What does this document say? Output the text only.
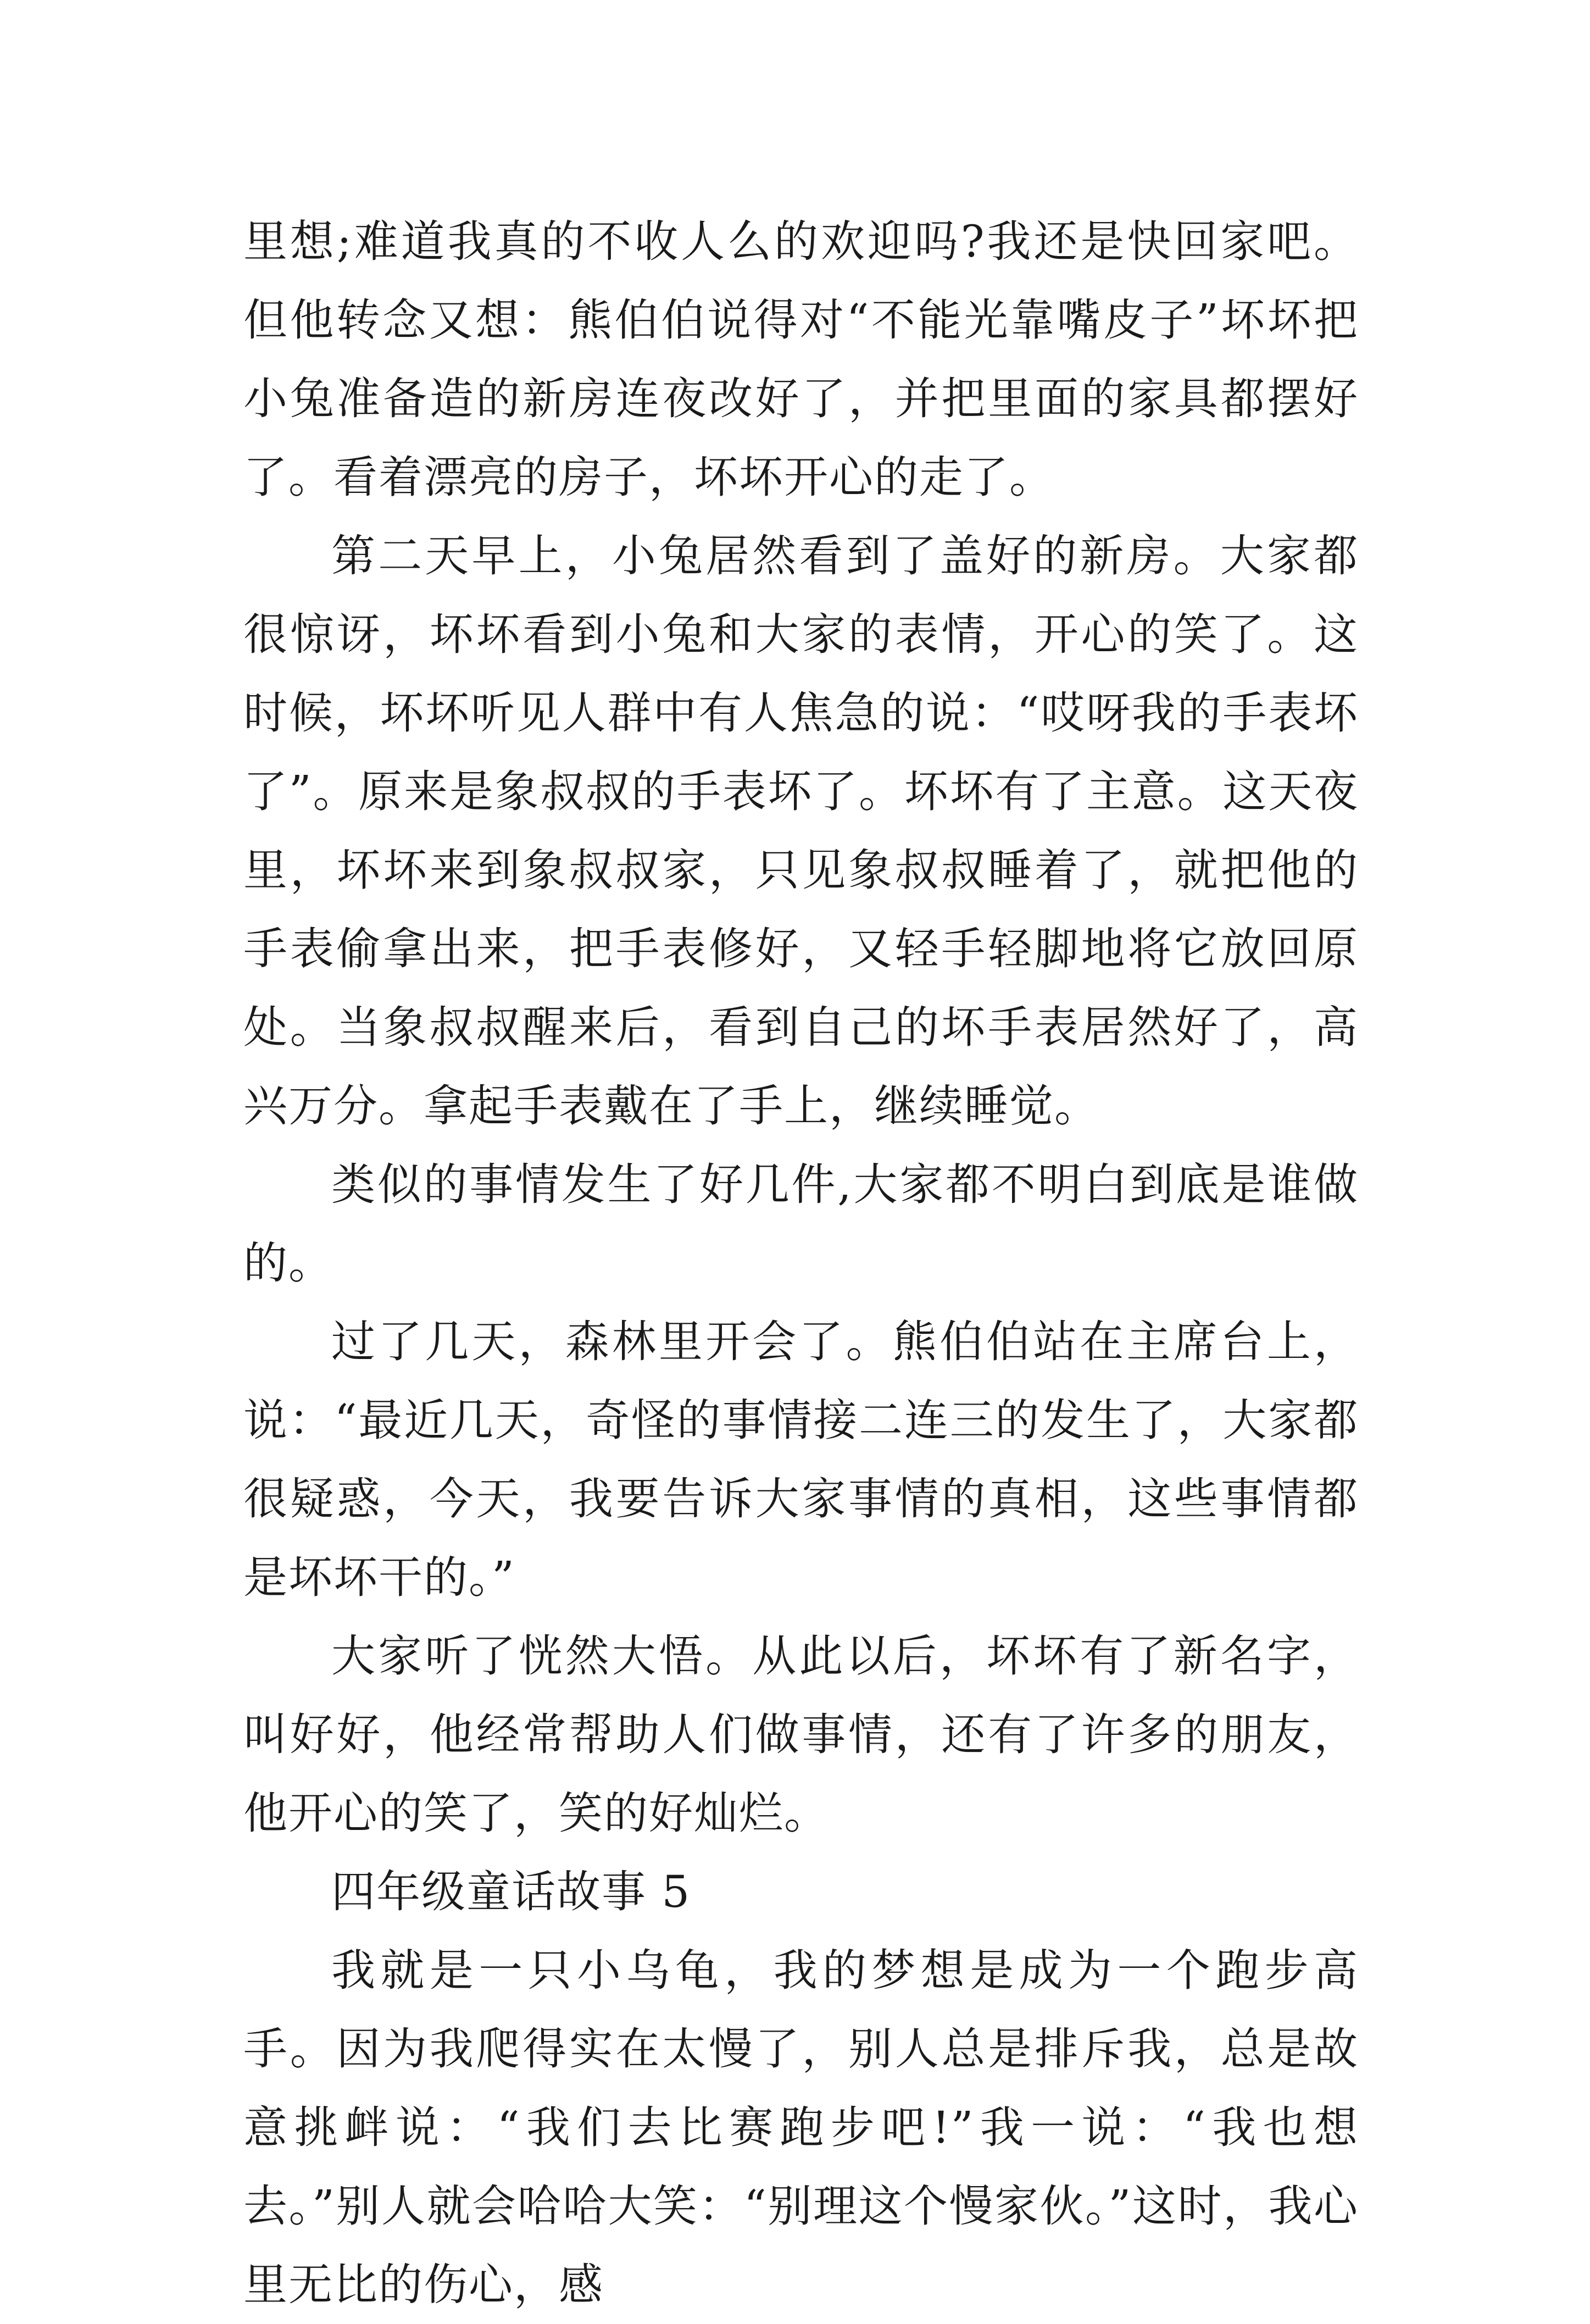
里想;难道我真的不收人么的欢迎吗?我还是快回家吧。但他转念又想：熊伯伯说得对“不能光靠嘴皮子”坏坏把小兔准备造的新房连夜改好了，并把里面的家具都摆好了。看着漂亮的房子，坏坏开心的走了。

第二天早上，小兔居然看到了盖好的新房。大家都很惊讶，坏坏看到小兔和大家的表情，开心的笑了。这时候，坏坏听见人群中有人焦急的说：“哎呀我的手表坏了”。原来是象叔叔的手表坏了。坏坏有了主意。这天夜里，坏坏来到象叔叔家，只见象叔叔睡着了，就把他的手表偷拿出来，把手表修好，又轻手轻脚地将它放回原处。当象叔叔醒来后，看到自己的坏手表居然好了，高兴万分。拿起手表戴在了手上，继续睡觉。

类似的事情发生了好几件,大家都不明白到底是谁做的。

过了几天，森林里开会了。熊伯伯站在主席台上，说：“最近几天，奇怪的事情接二连三的发生了，大家都很疑惑，今天，我要告诉大家事情的真相，这些事情都是坏坏干的。”

大家听了恍然大悟。从此以后，坏坏有了新名字，叫好好，他经常帮助人们做事情，还有了许多的朋友，他开心的笑了，笑的好灿烂。

四年级童话故事 5

我就是一只小乌龟，我的梦想是成为一个跑步高手。因为我爬得实在太慢了，别人总是排斥我，总是故意挑衅说：“我们去比赛跑步吧!”我一说：“我也想去。”别人就会哈哈大笑：“别理这个慢家伙。”这时，我心里无比的伤心，感
